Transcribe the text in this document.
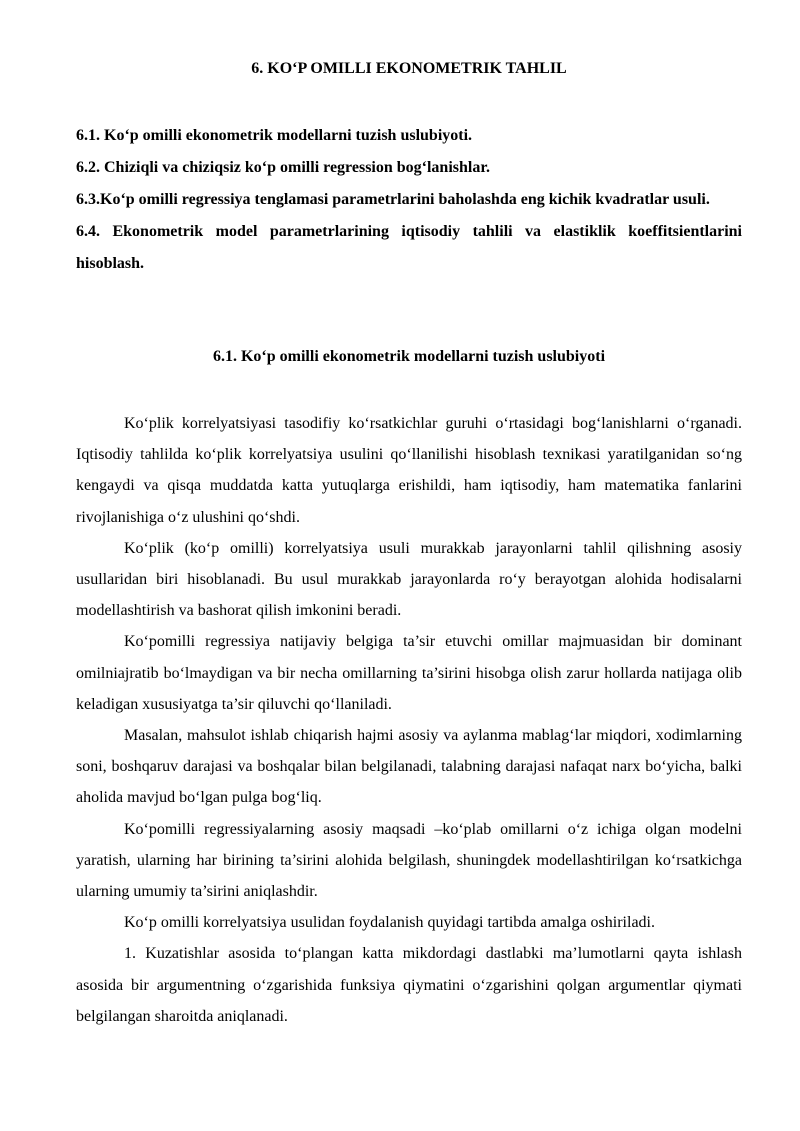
6. KO‘P OMILLI EKONOMETRIK TAHLIL
6.1. Ko‘p omilli ekonometrik modellarni tuzish uslubiyoti.
6.2. Chiziqli va chiziqsiz ko‘p omilli regression bog‘lanishlar.
6.3.Ko‘p omilli regressiya tenglamasi parametrlarini baholashda eng kichik kvadratlar usuli.
6.4. Ekonometrik model parametrlarining iqtisodiy tahlili va elastiklik koeffitsientlarini hisoblash.
6.1. Ko‘p omilli ekonometrik modellarni tuzish uslubiyoti

Ko‘plik korrelyatsiyasi tasodifiy ko‘rsatkichlar guruhi o‘rtasidagi bog‘lanishlarni o‘rganadi. Iqtisodiy tahlilda ko‘plik korrelyatsiya usulini qo‘llanilishi hisoblash texnikasi yaratilganidan so‘ng kengaydi va qisqa muddatda katta yutuqlarga erishildi, ham iqtisodiy, ham matematika fanlarini rivojlanishiga o‘z ulushini qo‘shdi.

Ko‘plik (ko‘p omilli) korrelyatsiya usuli murakkab jarayonlarni tahlil qilishning asosiy usullaridan biri hisoblanadi. Bu usul murakkab jarayonlarda ro‘y berayotgan alohida hodisalarni modellashtirish va bashorat qilish imkonini beradi.

Ko‘pomilli regressiya natijaviy belgiga ta’sir etuvchi omillar majmuasidan bir dominant omilniajratib bo‘lmaydigan va bir necha omillarning ta’sirini hisobga olish zarur hollarda natijaga olib keladigan xususiyatga ta’sir qiluvchi qo‘llaniladi.

Masalan, mahsulot ishlab chiqarish hajmi asosiy va aylanma mablag‘lar miqdori, xodimlarning soni, boshqaruv darajasi va boshqalar bilan belgilanadi, talabning darajasi nafaqat narx bo‘yicha, balki aholida mavjud bo‘lgan pulga bog‘liq.

Ko‘pomilli regressiyalarning asosiy maqsadi –ko‘plab omillarni o‘z ichiga olgan modelni yaratish, ularning har birining ta’sirini alohida belgilash, shuningdek modellashtirilgan ko‘rsatkichga ularning umumiy ta’sirini aniqlashdir.

Ko‘p omilli korrelyatsiya usulidan foydalanish quyidagi tartibda amalga oshiriladi.

1. Kuzatishlar asosida to‘plangan katta mikdordagi dastlabki ma’lumotlarni qayta ishlash asosida bir argumentning o‘zgarishida funksiya qiymatini o‘zgarishini qolgan argumentlar qiymati belgilangan sharoitda aniqlanadi.
